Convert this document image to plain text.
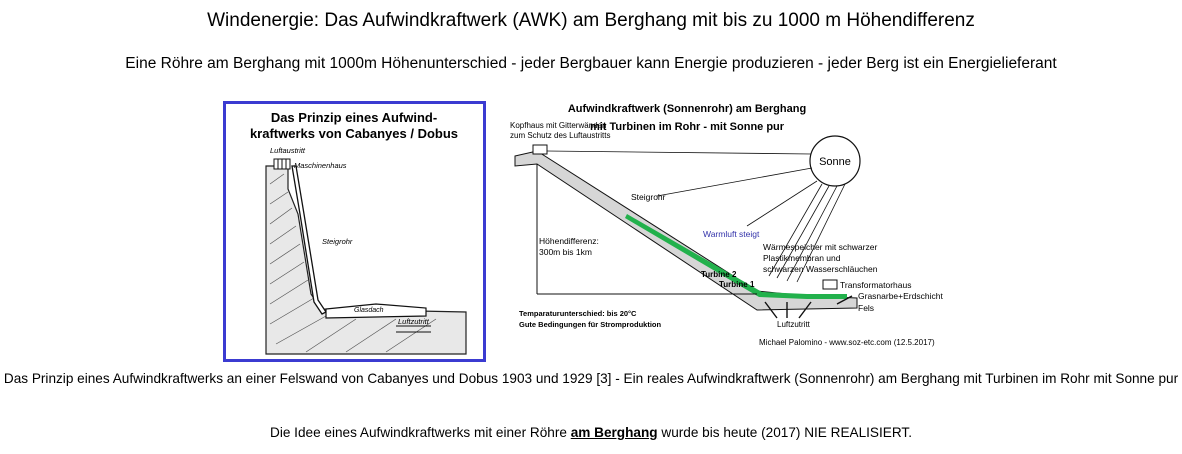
Windenergie: Das Aufwindkraftwerk (AWK) am Berghang mit bis zu 1000 m Höhendifferenz
Eine Röhre am Berghang mit 1000m Höhenunterschied - jeder Bergbauer kann Energie produzieren - jeder Berg ist ein Energielieferant
Das Prinzip eines Aufwind-
kraftwerks von Cabanyes / Dobus
Luftaustritt
Maschinenhaus
Steigrohr
Glasdach
Luftzutritt
Aufwindkraftwerk (Sonnenrohr) am Berghang
mit Turbinen im Rohr - mit Sonne pur
Sonne
Kopfhaus mit Gitterwänden
zum Schutz des Luftaustritts
Steigrohr
Warmluft steigt
Höhendifferenz:
300m bis 1km	Wärmespeicher mit schwarzer
Plastikmembran und
schwarzen Wasserschläuchen
Turbine 2
Turbine 1	Transformatorhaus
Grasnarbe+Erdschicht
Fels
Temparaturunterschied: bis 20°C
Gute Bedingungen für Stromproduktion	Luftzutritt
Michael Palomino - www.soz-etc.com (12.5.2017)
Das Prinzip eines Aufwindkraftwerks an einer Felswand von Cabanyes und Dobus 1903 und 1929 [3] - Ein reales Aufwindkraftwerk (Sonnenrohr) am Berghang mit Turbinen im Rohr mit Sonne pur
Die Idee eines Aufwindkraftwerks mit einer Röhre am Berghang wurde bis heute (2017) NIE REALISIERT.
